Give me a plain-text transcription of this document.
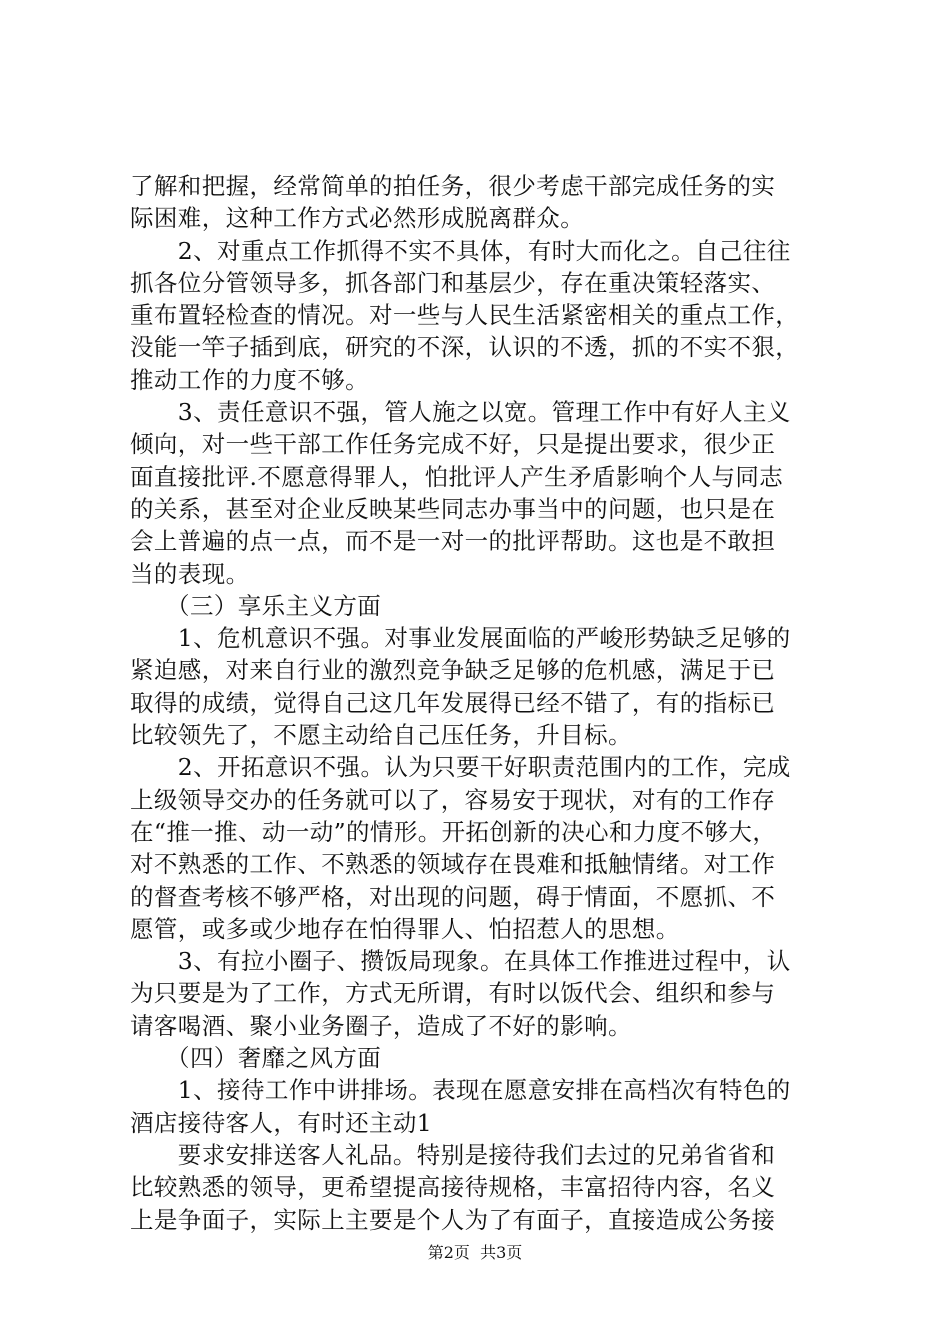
了解和把握，经常简单的拍任务，很少考虑干部完成任务的实
际困难，这种工作方式必然形成脱离群众。
　　2、对重点工作抓得不实不具体，有时大而化之。自己往往
抓各位分管领导多，抓各部门和基层少，存在重决策轻落实、
重布置轻检查的情况。对一些与人民生活紧密相关的重点工作，
没能一竿子插到底，研究的不深，认识的不透，抓的不实不狠，
推动工作的力度不够。
　　3、责任意识不强，管人施之以宽。管理工作中有好人主义
倾向，对一些干部工作任务完成不好，只是提出要求，很少正
面直接批评.不愿意得罪人，怕批评人产生矛盾影响个人与同志
的关系，甚至对企业反映某些同志办事当中的问题，也只是在
会上普遍的点一点，而不是一对一的批评帮助。这也是不敢担
当的表现。
　　（三）享乐主义方面
　　1、危机意识不强。对事业发展面临的严峻形势缺乏足够的
紧迫感，对来自行业的激烈竞争缺乏足够的危机感，满足于已
取得的成绩，觉得自己这几年发展得已经不错了，有的指标已
比较领先了，不愿主动给自己压任务，升目标。
　　2、开拓意识不强。认为只要干好职责范围内的工作，完成
上级领导交办的任务就可以了，容易安于现状，对有的工作存
在“推一推、动一动”的情形。开拓创新的决心和力度不够大，
对不熟悉的工作、不熟悉的领域存在畏难和抵触情绪。对工作
的督查考核不够严格，对出现的问题，碍于情面，不愿抓、不
愿管，或多或少地存在怕得罪人、怕招惹人的思想。
　　3、有拉小圈子、攒饭局现象。在具体工作推进过程中，认
为只要是为了工作，方式无所谓，有时以饭代会、组织和参与
请客喝酒、聚小业务圈子，造成了不好的影响。
　　（四）奢靡之风方面
　　1、接待工作中讲排场。表现在愿意安排在高档次有特色的
酒店接待客人，有时还主动1
　　要求安排送客人礼品。特别是接待我们去过的兄弟省省和
比较熟悉的领导，更希望提高接待规格，丰富招待内容，名义
上是争面子，实际上主要是个人为了有面子，直接造成公务接
第2页  共3页
